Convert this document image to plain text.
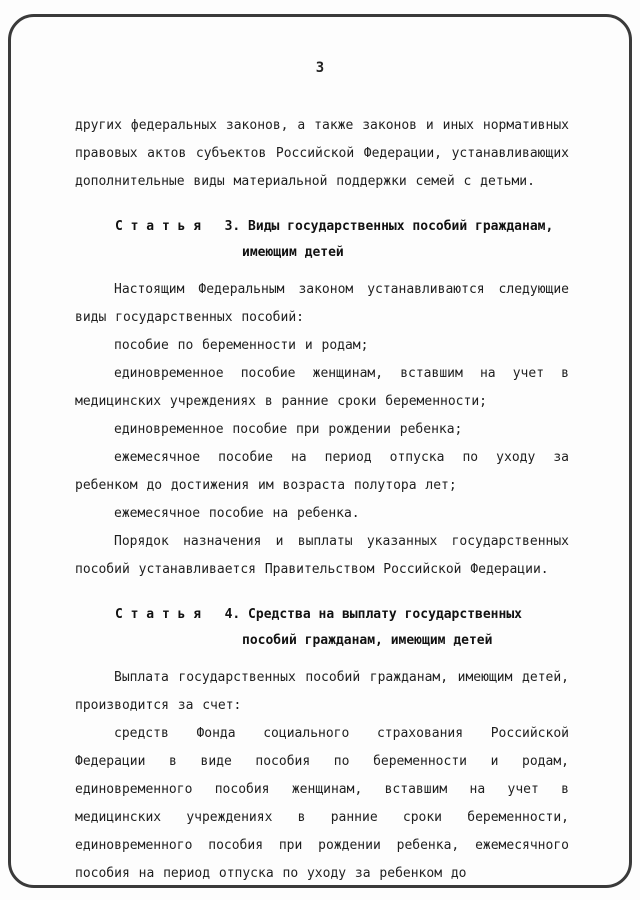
3

других федеральных законов, а также законов и иных нормативных правовых актов субъектов Российской Федерации, устанавливающих дополнительные виды материальной поддержки семей с детьми.

С т а т ь я   3. Виды государственных пособий гражданам,
имеющим детей

Настоящим Федеральным законом устанавливаются следующие виды государственных пособий:

пособие по беременности и родам;

единовременное пособие женщинам, вставшим на учет в медицинских учреждениях в ранние сроки беременности;

единовременное пособие при рождении ребенка;

ежемесячное пособие на период отпуска по уходу за ребенком до достижения им возраста полутора лет;

ежемесячное пособие на ребенка.

Порядок назначения и выплаты указанных государственных пособий устанавливается Правительством Российской Федерации.

С т а т ь я   4. Средства на выплату государственных
пособий гражданам, имеющим детей

Выплата государственных пособий гражданам, имеющим детей, производится за счет:

средств Фонда социального страхования Российской Федерации в виде пособия по беременности и родам, единовременного пособия женщинам, вставшим на учет в медицинских учреждениях в ранние сроки беременности, единовременного пособия при рождении ребенка, ежемесячного пособия на период отпуска по уходу за ребенком до
